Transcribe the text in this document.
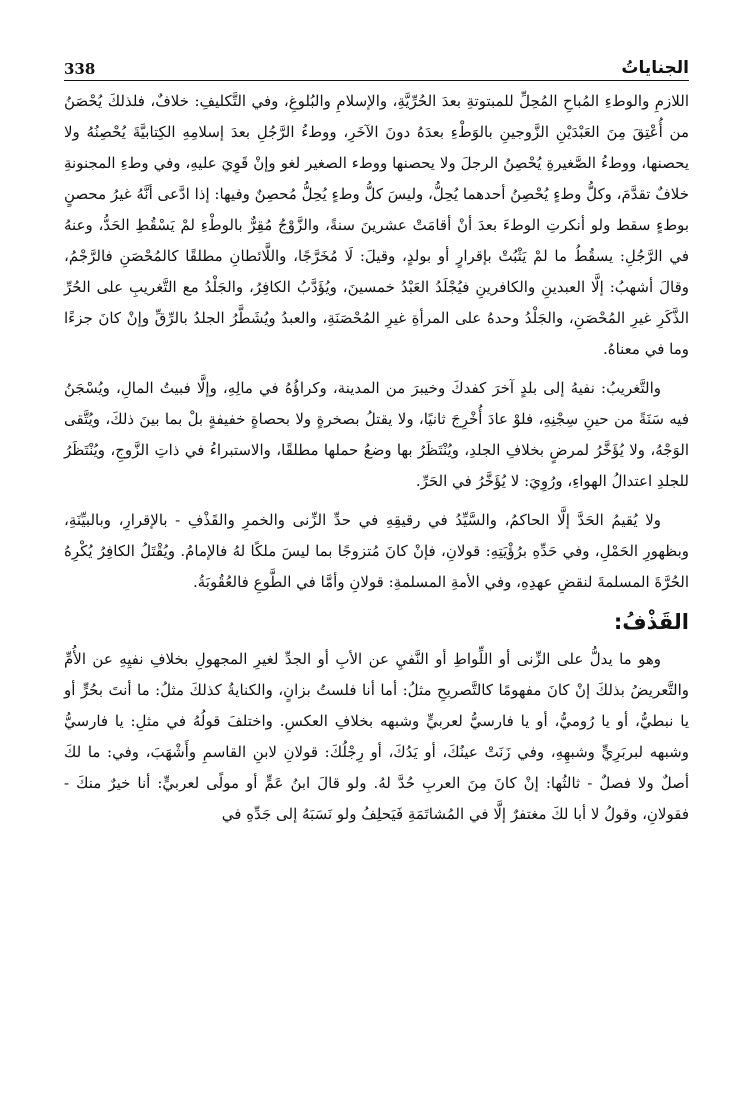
338	الجناياتُ

اللازمِ والوطءِ المُباحِ المُحِلِّ للمبتوتةِ بعدَ الحُرِّيَّةِ، والإسلامِ والبُلوغِ، وفي التَّكليفِ: خلافٌ، فلذلكَ يُحْصَنُ من أُعْتِقَ مِنَ العَبْدَيْنِ الزَّوجينِ بالوَطْءِ بعدَهُ دونَ الآخَرِ، ووطءُ الرَّجُلِ بعدَ إسلامِهِ الكِتابيَّةَ يُحْصِنُهُ ولا يحصنها، ووطءُ الصَّغيرةِ يُحْصِنُ الرجلَ ولا يحصنها ووطء الصغير لغو وإنْ قَوِيَ عليهِ، وفي وطءِ المجنونةِ خلافٌ تقدَّمَ، وكلُّ وطءٍ يُحْصِنُ أحدهما يُحِلُّ، وليسَ كلُّ وطءٍ يُحِلُّ مُحصِنٌ وفيها: إذا ادَّعى أنَّهُ غيرُ محصنٍ بوطءٍ سقط ولو أنكرتِ الوطءَ بعدَ أنْ أقامَتْ عشرينَ سنةً، والزَّوْجُ مُقِرٌّ بالوطْءِ لمْ يَسْقُطِ الحَدُّ، وعنهُ في الرَّجُلِ: يسقُطُ ما لمْ يَثْبُتْ بإقرارٍ أو بولدٍ، وقيلَ: لَا مُخَرَّجًا، واللَّائطانِ مطلقًا كالمُحْصَنِ فالرَّجْمُ، وقالَ أشهبُ: إلَّا العبدينِ والكافرينِ فيُجْلَدُ العَبْدُ خمسينَ، ويُؤَدَّبُ الكافِرُ، والجَلْدُ مع التَّغريبِ على الحُرِّ الذَّكَرِ غيرِ المُحْصَنِ، والجَلْدُ وحدهُ على المرأةِ غيرِ المُحْصَنَةِ، والعبدُ ويُشَطَّرُ الجلدُ بالرِّقِّ وإنْ كانَ جزءًا وما في معناهُ.

والتَّغريبُ: نفيهُ إلى بلدٍ آخرَ كفدكَ وخيبرَ من المدينة، وكراؤُهُ في مالِهِ، وإلَّا فبيتُ المالِ، ويُسْجَنُ فيه سَنَةً من حينِ سِجْنِهِ، فلوْ عادَ أُخْرِجَ ثانيًا، ولا يقتلُ بصخرةٍ ولا بحصاةٍ خفيفةٍ بلْ بما بينَ ذلكَ، ويُتَّقى الوَجْهُ، ولا يُؤَخَّرُ لمرضٍ بخلافِ الجلدِ، ويُنْتَظَرُ بها وضعُ حملها مطلقًا، والاستبراءُ في ذاتِ الزَّوجِ، ويُنْتَظَرُ للجلدِ اعتدالُ الهواءِ، ورُوِيَ: لا يُؤَخَّرُ في الحَرِّ.

ولا يُقيمُ الحَدَّ إلَّا الحاكمُ، والسَّيِّدُ في رقيقِهِ في حدِّ الزِّنى والخمرِ والقَذْفِ - بالإقرارِ، وبالبيِّنَةِ، وبظهورِ الحَمْلِ، وفي حَدِّهِ برُؤْيَتِهِ: قولانِ، فإنْ كانَ مُتزوجًا بما ليسَ ملكًا لهُ فالإمامُ. ويُقْتَلُ الكافِرُ يُكْرِهُ الحُرَّةَ المسلمةَ لنقضِ عهدِهِ، وفي الأمةِ المسلمةِ: قولانِ وأمَّا في الطَّوعِ فالعُقُوبَةُ.

القَذْفُ:

وهو ما يدلُّ على الزِّنى أو اللِّواطِ أو النَّفيِ عن الأبِ أو الجدِّ لغيرِ المجهولِ بخلافِ نفيِهِ عن الأُمِّ والتَّعريضُ بذلكَ إنْ كانَ مفهومًا كالتَّصريحِ مثلُ: أما أنا فلستُ بزانٍ، والكنايةُ كذلكَ مثلُ: ما أنتَ بحُرٍّ أو يا نبطيُّ، أو يا رُوميُّ، أو يا فارسيُّ لعربيٍّ وشبهه بخلافِ العكسِ. واختلفَ قولُهُ في مثلِ: يا فارسيُّ وشبهه لبربَرِيٍّ وشبهِهِ، وفي زَنَتْ عينُكَ، أو يَدُكَ، أو رِجْلُكَ: قولانِ لابنِ القاسمِ وأَشْهَبَ، وفي: ما لكَ أصلٌ ولا فصلٌ - ثالثُها: إنْ كانَ مِنَ العربِ حُدَّ لهُ. ولو قالَ ابنُ عَمٍّ أو مولًى لعربيٍّ: أنا خيرٌ منكَ - فقولانِ، وقولُ لا أبا لكَ مغتفرٌ إلَّا في المُشاتَمَةِ فَيَحلِفُ ولو نَسَبَهُ إلى جَدِّهِ في
